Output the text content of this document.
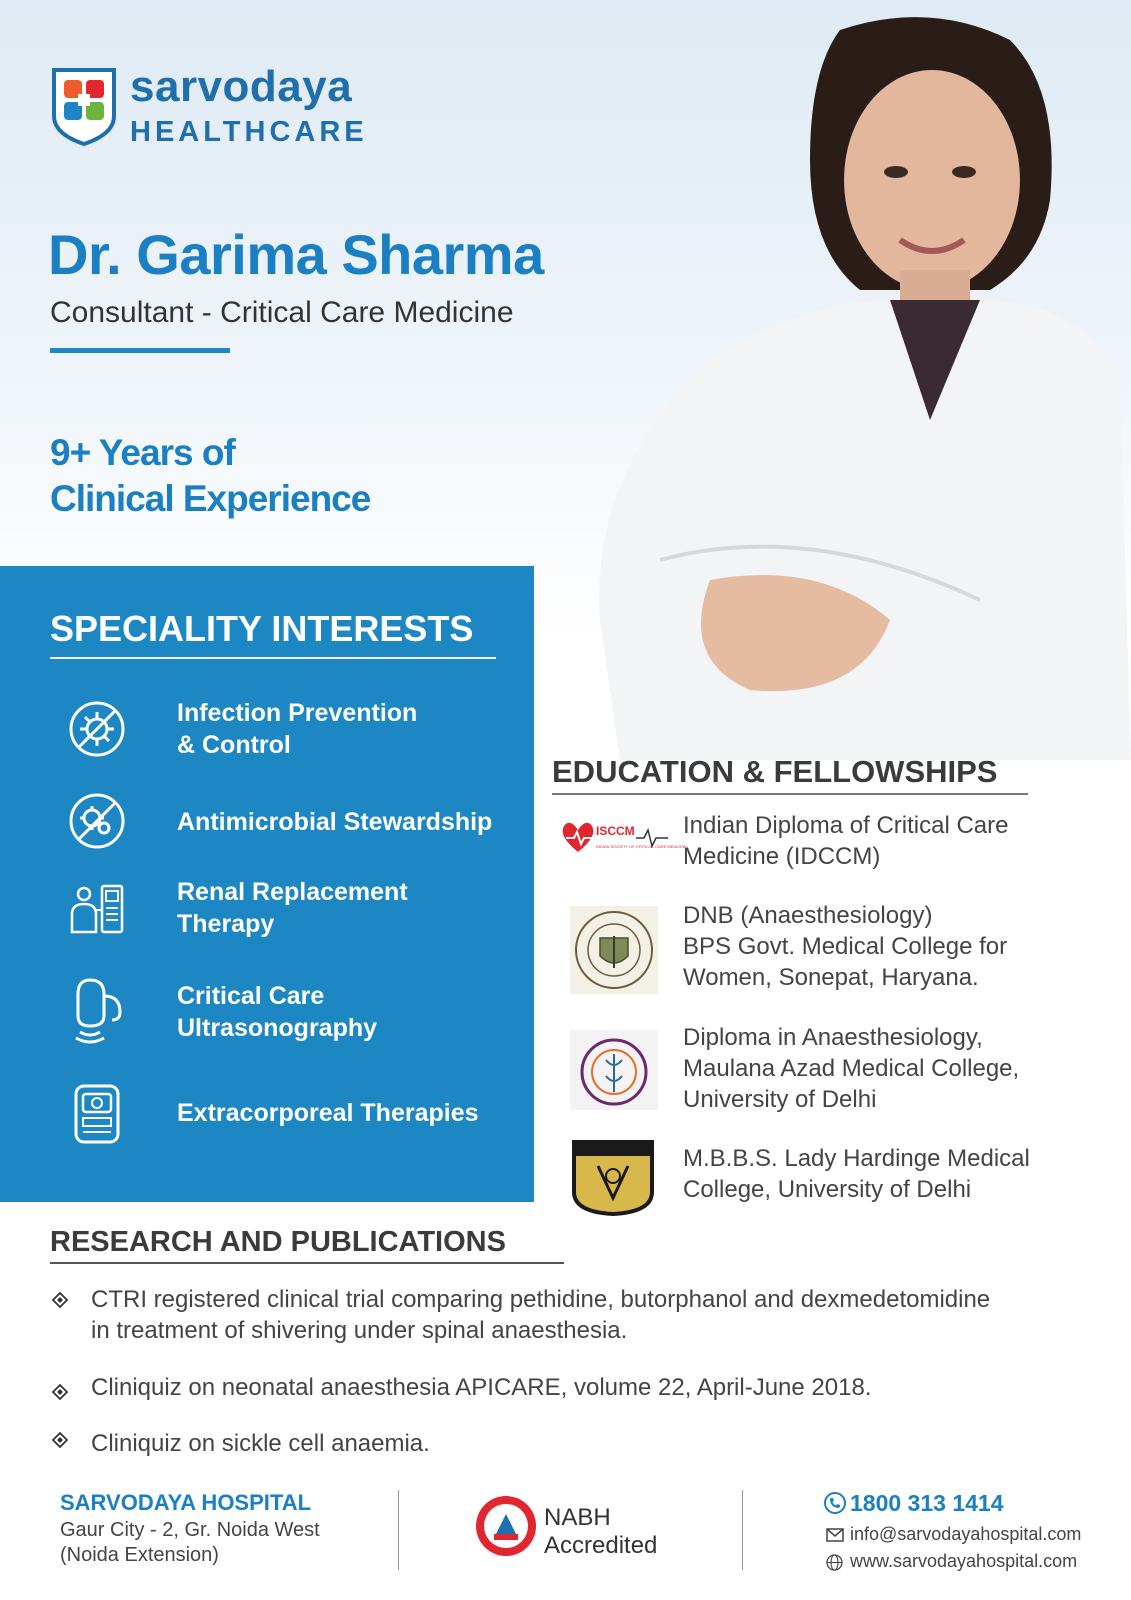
sarvodaya
HEALTHCARE
Dr. Garima Sharma
Consultant - Critical Care Medicine
9+ Years of
Clinical Experience
SPECIALITY INTERESTS
Infection Prevention
& Control
Antimicrobial Stewardship
Renal Replacement
Therapy
Critical Care
Ultrasonography
Extracorporeal Therapies
EDUCATION & FELLOWSHIPS
ISCCM
INDIAN SOCIETY OF CRITICAL CARE MEDICINE
Indian Diploma of Critical Care
Medicine (IDCCM)
DNB (Anaesthesiology)
BPS Govt. Medical College for
Women, Sonepat, Haryana.
Diploma in Anaesthesiology,
Maulana Azad Medical College,
University of Delhi
M.B.B.S. Lady Hardinge Medical
College, University of Delhi
RESEARCH AND PUBLICATIONS
CTRI registered clinical trial comparing pethidine, butorphanol and dexmedetomidine
in treatment of shivering under spinal anaesthesia.
Cliniquiz on neonatal anaesthesia APICARE, volume 22, April-June 2018.
Cliniquiz on sickle cell anaemia.
SARVODAYA HOSPITAL
Gaur City - 2, Gr. Noida West
(Noida Extension)
NABH
Accredited
1800 313 1414
info@sarvodayahospital.com
www.sarvodayahospital.com
